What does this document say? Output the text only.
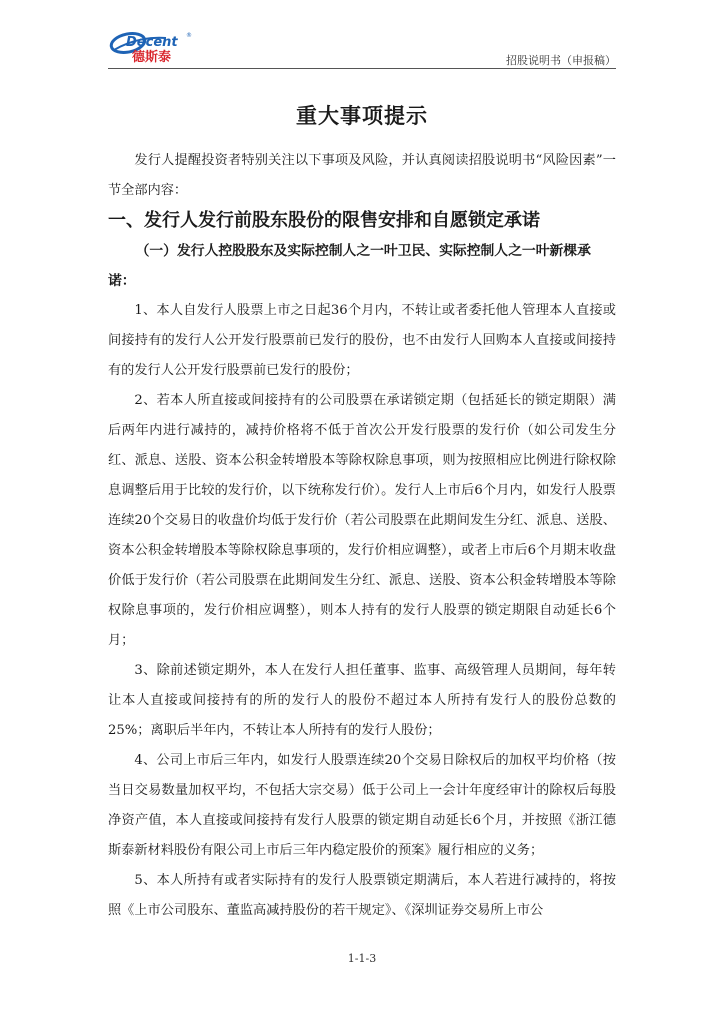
Decent ®
德斯泰	招股说明书（申报稿）
重大事项提示

发行人提醒投资者特别关注以下事项及风险，并认真阅读招股说明书“风险因素”一节全部内容：

一、发行人发行前股东股份的限售安排和自愿锁定承诺
（一）发行人控股股东及实际控制人之一叶卫民、实际控制人之一叶新棵承诺：

1、本人自发行人股票上市之日起36个月内，不转让或者委托他人管理本人直接或间接持有的发行人公开发行股票前已发行的股份，也不由发行人回购本人直接或间接持有的发行人公开发行股票前已发行的股份；

2、若本人所直接或间接持有的公司股票在承诺锁定期（包括延长的锁定期限）满后两年内进行减持的，减持价格将不低于首次公开发行股票的发行价（如公司发生分红、派息、送股、资本公积金转增股本等除权除息事项，则为按照相应比例进行除权除息调整后用于比较的发行价，以下统称发行价）。发行人上市后6个月内，如发行人股票连续20个交易日的收盘价均低于发行价（若公司股票在此期间发生分红、派息、送股、资本公积金转增股本等除权除息事项的，发行价相应调整），或者上市后6个月期末收盘价低于发行价（若公司股票在此期间发生分红、派息、送股、资本公积金转增股本等除权除息事项的，发行价相应调整），则本人持有的发行人股票的锁定期限自动延长6个月；

3、除前述锁定期外，本人在发行人担任董事、监事、高级管理人员期间，每年转让本人直接或间接持有的所的发行人的股份不超过本人所持有发行人的股份总数的25%；离职后半年内，不转让本人所持有的发行人股份；

4、公司上市后三年内，如发行人股票连续20个交易日除权后的加权平均价格（按当日交易数量加权平均，不包括大宗交易）低于公司上一会计年度经审计的除权后每股净资产值，本人直接或间接持有发行人股票的锁定期自动延长6个月，并按照《浙江德斯泰新材料股份有限公司上市后三年内稳定股价的预案》履行相应的义务；

5、本人所持有或者实际持有的发行人股票锁定期满后，本人若进行减持的，将按照《上市公司股东、董监高减持股份的若干规定》、《深圳证券交易所上市公

1-1-3
